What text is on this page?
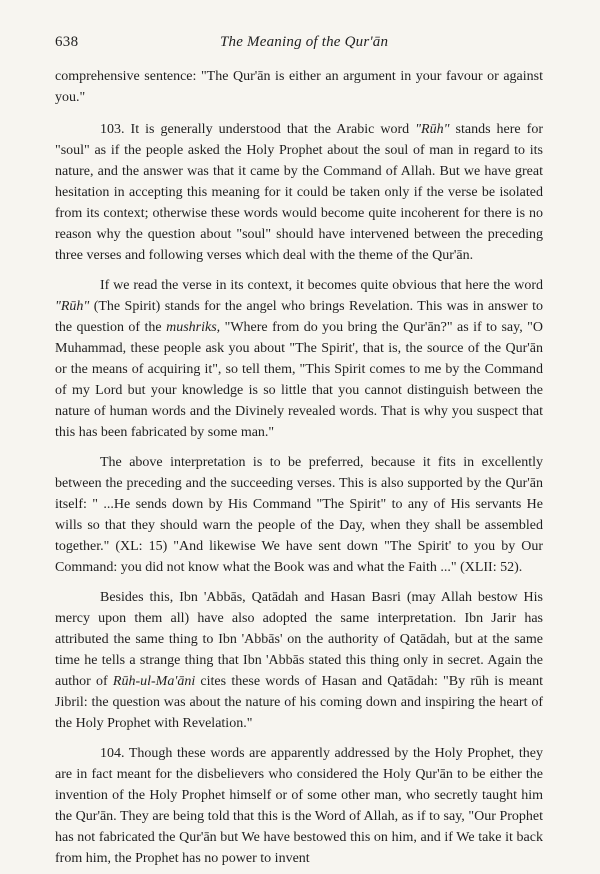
638	The Meaning of the Qur'ān

comprehensive sentence: "The Qur'ān is either an argument in your favour or against you."

103. It is generally understood that the Arabic word "Rūh" stands here for "soul" as if the people asked the Holy Prophet about the soul of man in regard to its nature, and the answer was that it came by the Command of Allah. But we have great hesitation in accepting this meaning for it could be taken only if the verse be isolated from its context; otherwise these words would become quite incoherent for there is no reason why the question about "soul" should have intervened between the preceding three verses and following verses which deal with the theme of the Qur'ān.

If we read the verse in its context, it becomes quite obvious that here the word "Rūh" (The Spirit) stands for the angel who brings Revelation. This was in answer to the question of the mushriks, "Where from do you bring the Qur'ān?" as if to say, "O Muhammad, these people ask you about "The Spirit', that is, the source of the Qur'ān or the means of acquiring it", so tell them, "This Spirit comes to me by the Command of my Lord but your knowledge is so little that you cannot distinguish between the nature of human words and the Divinely revealed words. That is why you suspect that this has been fabricated by some man."

The above interpretation is to be preferred, because it fits in excellently between the preceding and the succeeding verses. This is also supported by the Qur'ān itself: " ...He sends down by His Command "The Spirit" to any of His servants He wills so that they should warn the people of the Day, when they shall be assembled together." (XL: 15) "And likewise We have sent down "The Spirit' to you by Our Command: you did not know what the Book was and what the Faith ..." (XLII: 52).

Besides this, Ibn 'Abbās, Qatādah and Hasan Basri (may Allah bestow His mercy upon them all) have also adopted the same interpretation. Ibn Jarir has attributed the same thing to Ibn 'Abbās' on the authority of Qatādah, but at the same time he tells a strange thing that Ibn 'Abbās stated this thing only in secret. Again the author of Rūh-ul-Ma'āni cites these words of Hasan and Qatādah: "By rūh is meant Jibril: the question was about the nature of his coming down and inspiring the heart of the Holy Prophet with Revelation."

104. Though these words are apparently addressed by the Holy Prophet, they are in fact meant for the disbelievers who considered the Holy Qur'ān to be either the invention of the Holy Prophet himself or of some other man, who secretly taught him the Qur'ān. They are being told that this is the Word of Allah, as if to say, "Our Prophet has not fabricated the Qur'ān but We have bestowed this on him, and if We take it back from him, the Prophet has no power to invent
